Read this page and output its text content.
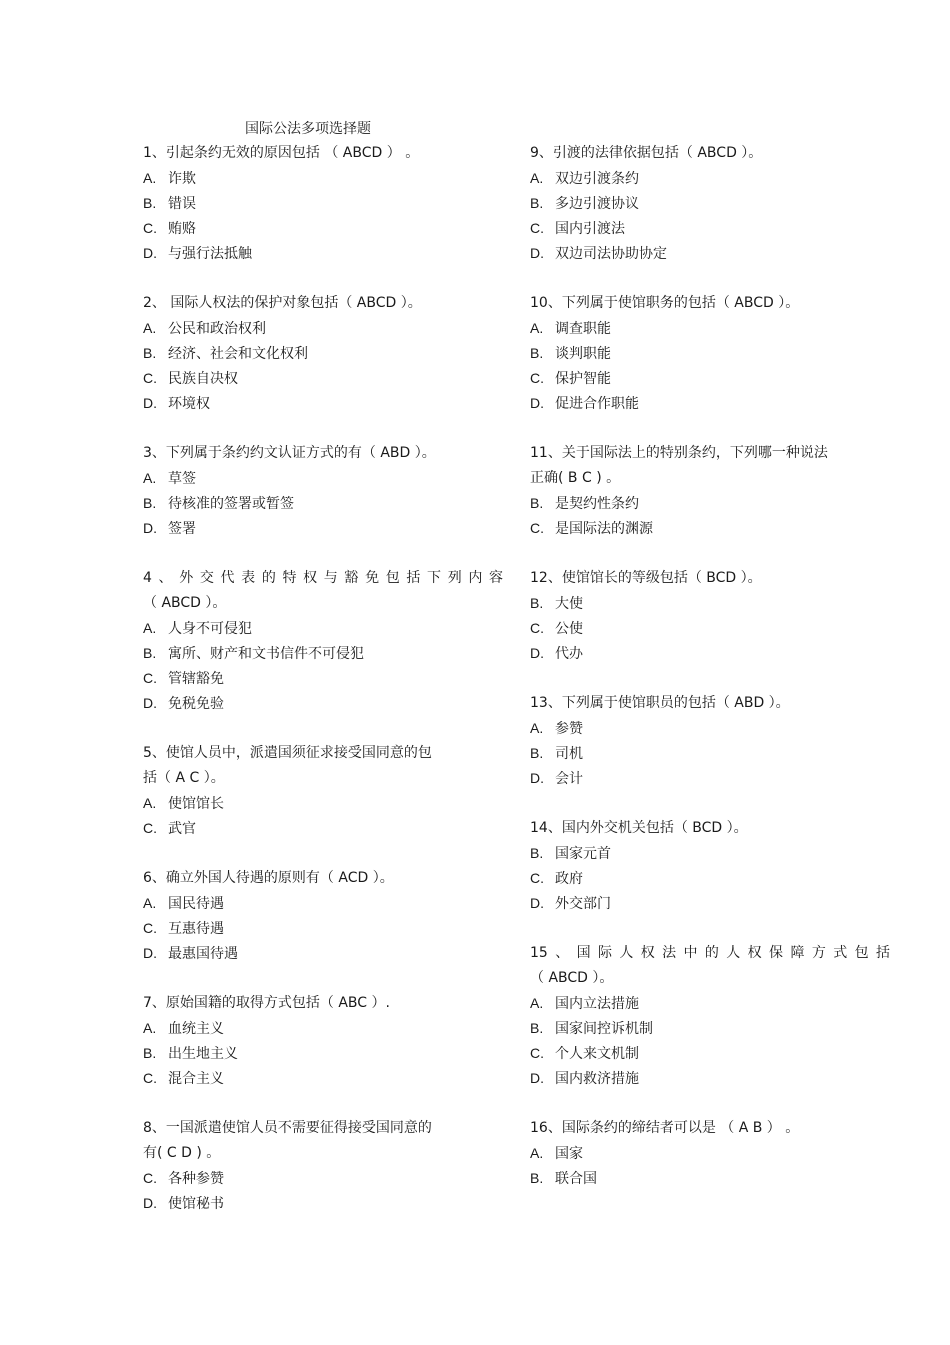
国际公法多项选择题
1、引起条约无效的原因包括 （ ABCD ） 。
A. 诈欺
B. 错误
C. 贿赂
D. 与强行法抵触
2、 国际人权法的保护对象包括（ ABCD ）。
A. 公民和政治权利
B. 经济、社会和文化权利
C. 民族自决权
D. 环境权
3、下列属于条约约文认证方式的有（ ABD ）。
A. 草签
B. 待核准的签署或暂签
D. 签署
4、外交代表的特权与豁免包括下列内容
（ ABCD ）。
A. 人身不可侵犯
B. 寓所、财产和文书信件不可侵犯
C. 管辖豁免
D. 免税免验
5、使馆人员中，派遣国须征求接受国同意的包
括（ A C ）。
A. 使馆馆长
C. 武官
6、确立外国人待遇的原则有（ ACD ）。
A. 国民待遇
C. 互惠待遇
D. 最惠国待遇
7、原始国籍的取得方式包括（ ABC ）.
A. 血统主义
B. 出生地主义
C. 混合主义
8、一国派遣使馆人员不需要征得接受国同意的
有( C D ) 。
C. 各种参赞
D. 使馆秘书
9、引渡的法律依据包括（ ABCD ）。
A. 双边引渡条约
B. 多边引渡协议
C. 国内引渡法
D. 双边司法协助协定
10、下列属于使馆职务的包括（ ABCD ）。
A. 调查职能
B. 谈判职能
C. 保护智能
D. 促进合作职能
11、关于国际法上的特别条约，下列哪一种说法
正确( B C ) 。
B. 是契约性条约
C. 是国际法的渊源
12、使馆馆长的等级包括（ BCD ）。
B. 大使
C. 公使
D. 代办
13、下列属于使馆职员的包括（ ABD ）。
A. 参赞
B. 司机
D. 会计
14、国内外交机关包括（ BCD ）。
B. 国家元首
C. 政府
D. 外交部门
15、国际人权法中的人权保障方式包括
（ ABCD ）。
A. 国内立法措施
B. 国家间控诉机制
C. 个人来文机制
D. 国内救济措施
16、国际条约的缔结者可以是 （ A B ） 。
A. 国家
B. 联合国
